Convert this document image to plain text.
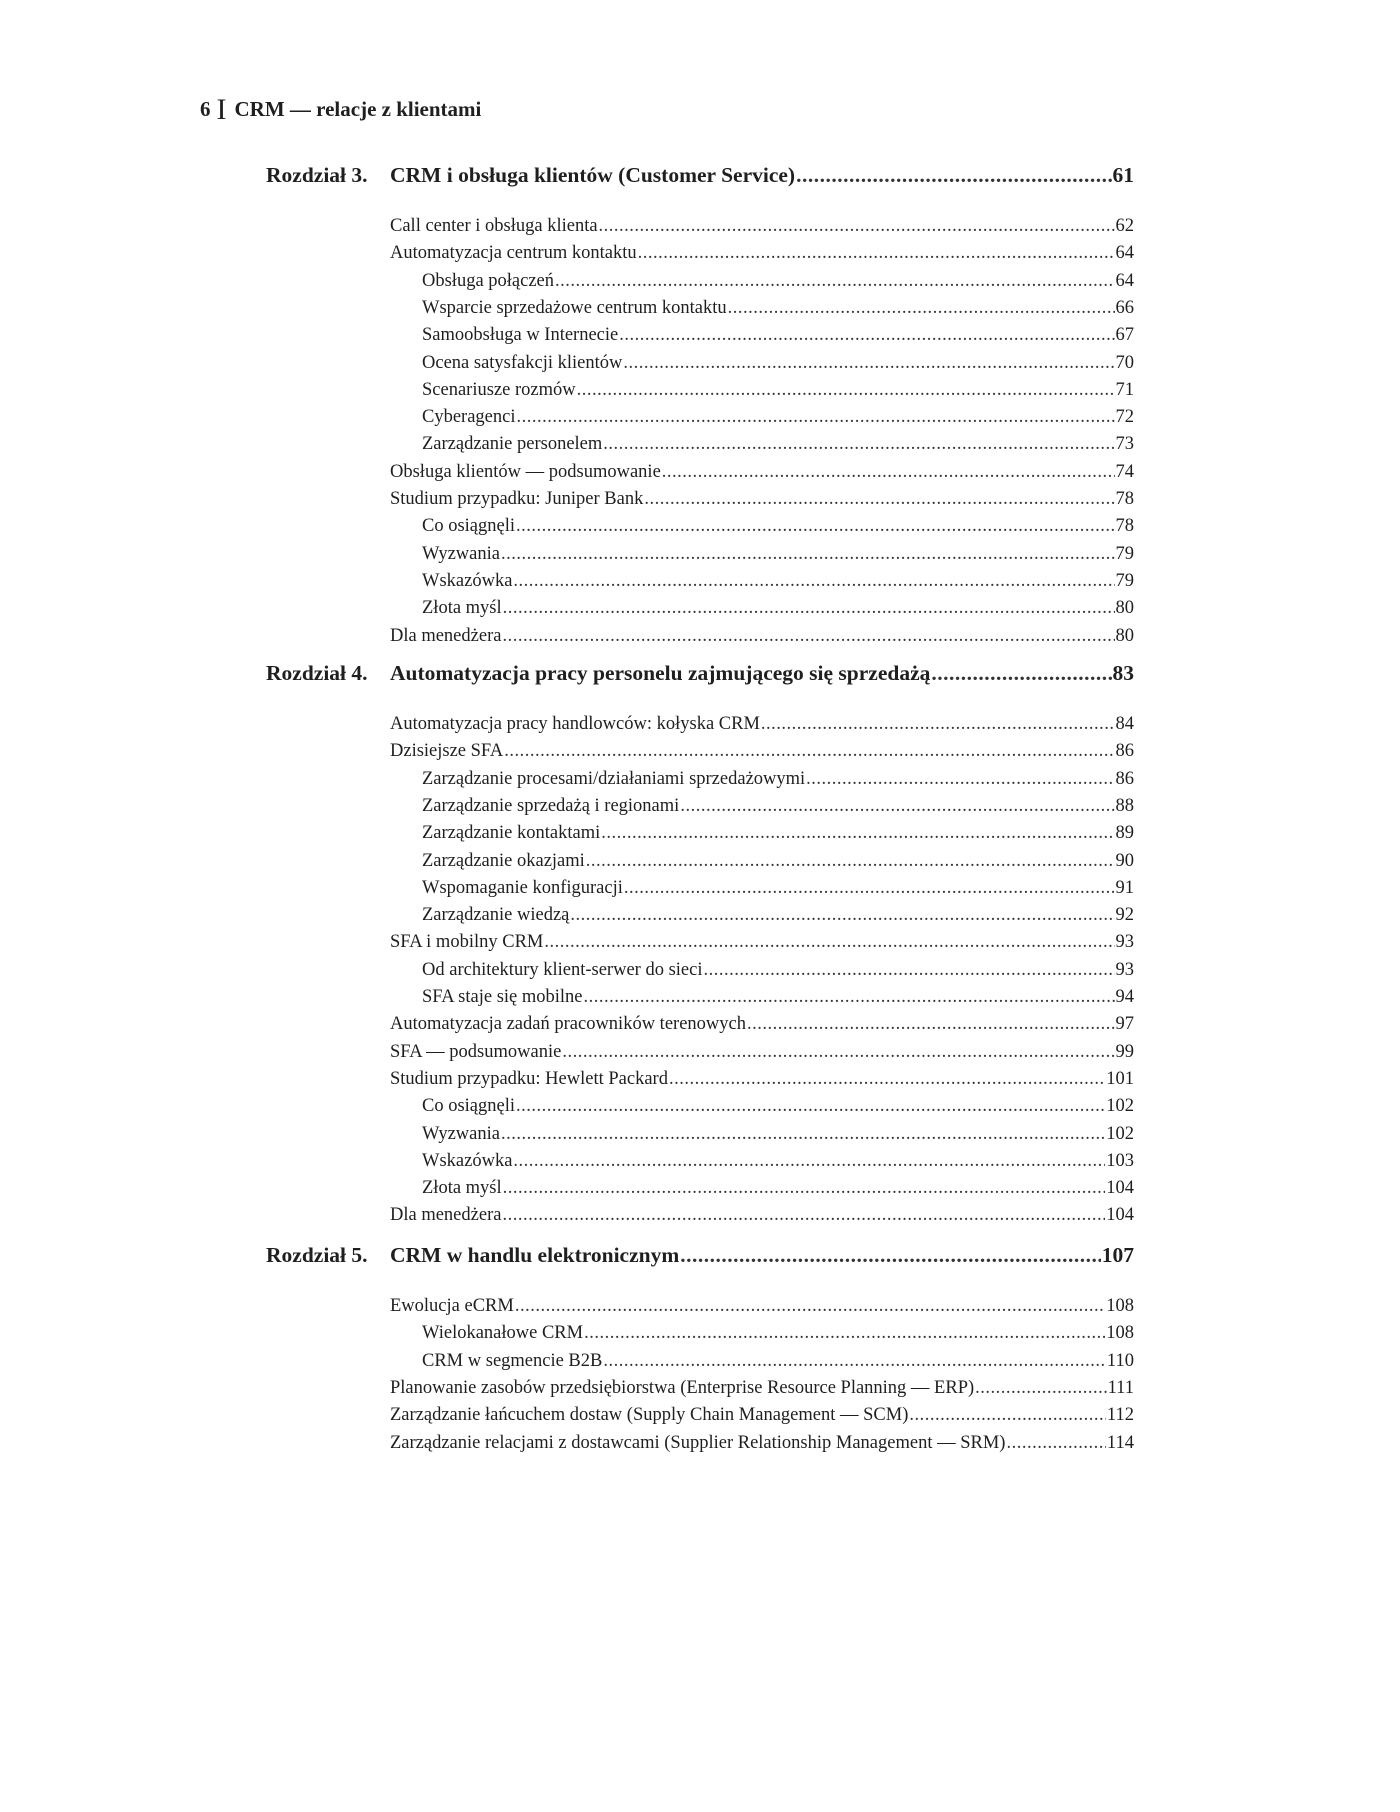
6 I CRM — relacje z klientami
Rozdział 3. CRM i obsługa klientów (Customer Service) .....	61
Call center i obsługa klienta .....	62
Automatyzacja centrum kontaktu .....	64
Obsługa połączeń .....	64
Wsparcie sprzedażowe centrum kontaktu .....	66
Samoobsługa w Internecie .....	67
Ocena satysfakcji klientów .....	70
Scenariusze rozmów .....	71
Cyberagenci .....	72
Zarządzanie personelem .....	73
Obsługa klientów — podsumowanie .....	74
Studium przypadku: Juniper Bank .....	78
Co osiągnęli .....	78
Wyzwania .....	79
Wskazówka .....	79
Złota myśl .....	80
Dla menedżera .....	80
Rozdział 4. Automatyzacja pracy personelu zajmującego się sprzedażą .....	83
Automatyzacja pracy handlowców: kołyska CRM .....	84
Dzisiejsze SFA .....	86
Zarządzanie procesami/działaniami sprzedażowymi .....	86
Zarządzanie sprzedażą i regionami .....	88
Zarządzanie kontaktami .....	89
Zarządzanie okazjami .....	90
Wspomaganie konfiguracji .....	91
Zarządzanie wiedzą .....	92
SFA i mobilny CRM .....	93
Od architektury klient-serwer do sieci .....	93
SFA staje się mobilne .....	94
Automatyzacja zadań pracowników terenowych .....	97
SFA — podsumowanie .....	99
Studium przypadku: Hewlett Packard .....	101
Co osiągnęli .....	102
Wyzwania .....	102
Wskazówka .....	103
Złota myśl .....	104
Dla menedżera .....	104
Rozdział 5. CRM w handlu elektronicznym .....	107
Ewolucja eCRM .....	108
Wielokanałowe CRM .....	108
CRM w segmencie B2B .....	110
Planowanie zasobów przedsiębiorstwa (Enterprise Resource Planning — ERP) .....	111
Zarządzanie łańcuchem dostaw (Supply Chain Management — SCM) .....	112
Zarządzanie relacjami z dostawcami (Supplier Relationship Management — SRM) .....	114
